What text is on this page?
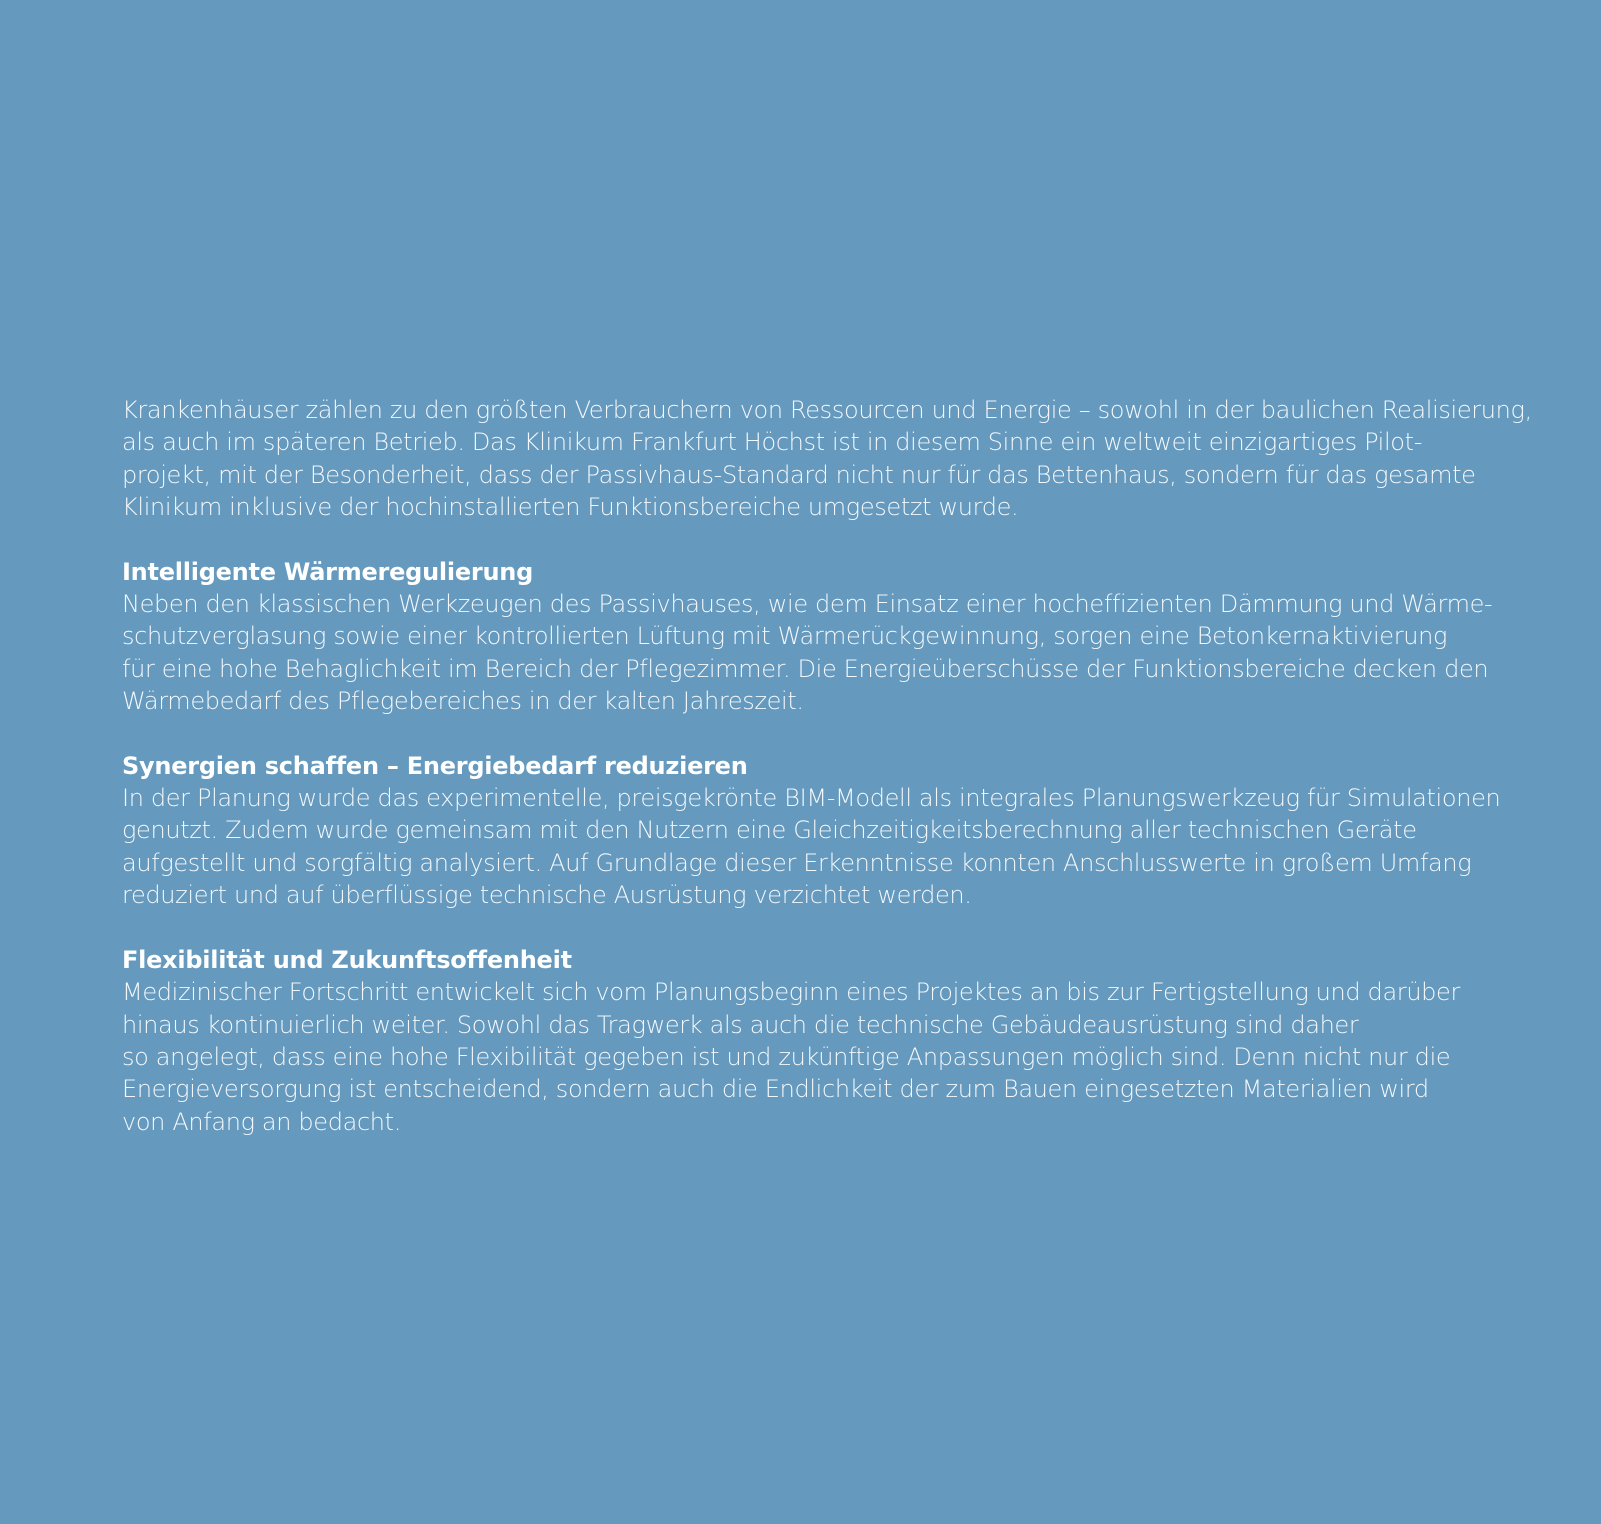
Krankenhäuser zählen zu den größten Verbrauchern von Ressourcen und Energie – sowohl in der baulichen Realisierung,
als auch im späteren Betrieb. Das Klinikum Frankfurt Höchst ist in diesem Sinne ein weltweit einzigartiges Pilot-
projekt, mit der Besonderheit, dass der Passivhaus-Standard nicht nur für das Bettenhaus, sondern für das gesamte
Klinikum inklusive der hochinstallierten Funktionsbereiche umgesetzt wurde.

Intelligente Wärmeregulierung

Neben den klassischen Werkzeugen des Passivhauses, wie dem Einsatz einer hocheffizienten Dämmung und Wärme-
schutzverglasung sowie einer kontrollierten Lüftung mit Wärmerückgewinnung, sorgen eine Betonkernaktivierung
für eine hohe Behaglichkeit im Bereich der Pflegezimmer. Die Energieüberschüsse der Funktionsbereiche decken den
Wärmebedarf des Pflegebereiches in der kalten Jahreszeit.

Synergien schaffen – Energiebedarf reduzieren

In der Planung wurde das experimentelle, preisgekrönte BIM-Modell als integrales Planungswerkzeug für Simulationen
genutzt. Zudem wurde gemeinsam mit den Nutzern eine Gleichzeitigkeitsberechnung aller technischen Geräte
aufgestellt und sorgfältig analysiert. Auf Grundlage dieser Erkenntnisse konnten Anschlusswerte in großem Umfang
reduziert und auf überflüssige technische Ausrüstung verzichtet werden.

Flexibilität und Zukunftsoffenheit

Medizinischer Fortschritt entwickelt sich vom Planungsbeginn eines Projektes an bis zur Fertigstellung und darüber
hinaus kontinuierlich weiter. Sowohl das Tragwerk als auch die technische Gebäudeausrüstung sind daher
so angelegt, dass eine hohe Flexibilität gegeben ist und zukünftige Anpassungen möglich sind. Denn nicht nur die
Energieversorgung ist entscheidend, sondern auch die Endlichkeit der zum Bauen eingesetzten Materialien wird
von Anfang an bedacht.
